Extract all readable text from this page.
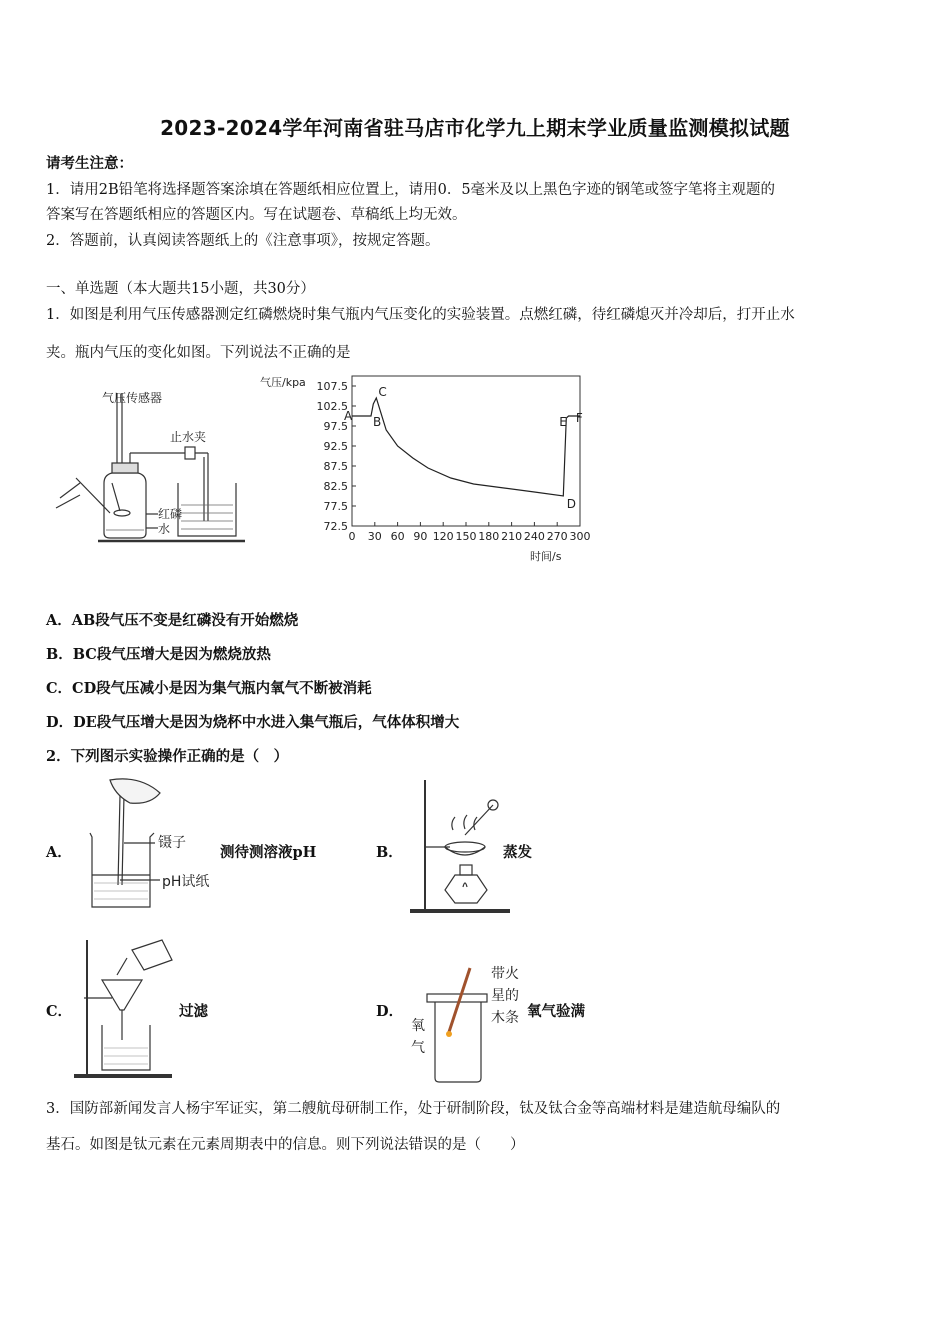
2023-2024学年河南省驻马店市化学九上期末学业质量监测模拟试题
请考生注意：
1．请用2B铅笔将选择题答案涂填在答题纸相应位置上，请用0．5毫米及以上黑色字迹的钢笔或签字笔将主观题的
答案写在答题纸相应的答题区内。写在试题卷、草稿纸上均无效。
2．答题前，认真阅读答题纸上的《注意事项》，按规定答题。
一、单选题（本大题共15小题，共30分）
1．如图是利用气压传感器测定红磷燃烧时集气瓶内气压变化的实验装置。点燃红磷，待红磷熄灭并冷却后，打开止水
夹。瓶内气压的变化如图。下列说法不正确的是
气压传感器
止水夹
红磷
水
气压/kpa
时间/s
72.5
77.5
82.5
87.5
92.5
97.5
102.5
107.5
0 30 60 90 120 150 180 210 240 270 300
A B
C
D
E F
A．AB段气压不变是红磷没有开始燃烧
B．BC段气压增大是因为燃烧放热
C．CD段气压减小是因为集气瓶内氧气不断被消耗
D．DE段气压增大是因为烧杯中水进入集气瓶后，气体体积增大
2．下列图示实验操作正确的是（　）
A．
镊子
pH试纸
测待测溶液pH	B．	蒸发
C．	过滤	D．
带火
星的
木条
氧
气
氧气验满
3．国防部新闻发言人杨宇军证实，第二艘航母研制工作，处于研制阶段，钛及钛合金等高端材料是建造航母编队的
基石。如图是钛元素在元素周期表中的信息。则下列说法错误的是（　　）
